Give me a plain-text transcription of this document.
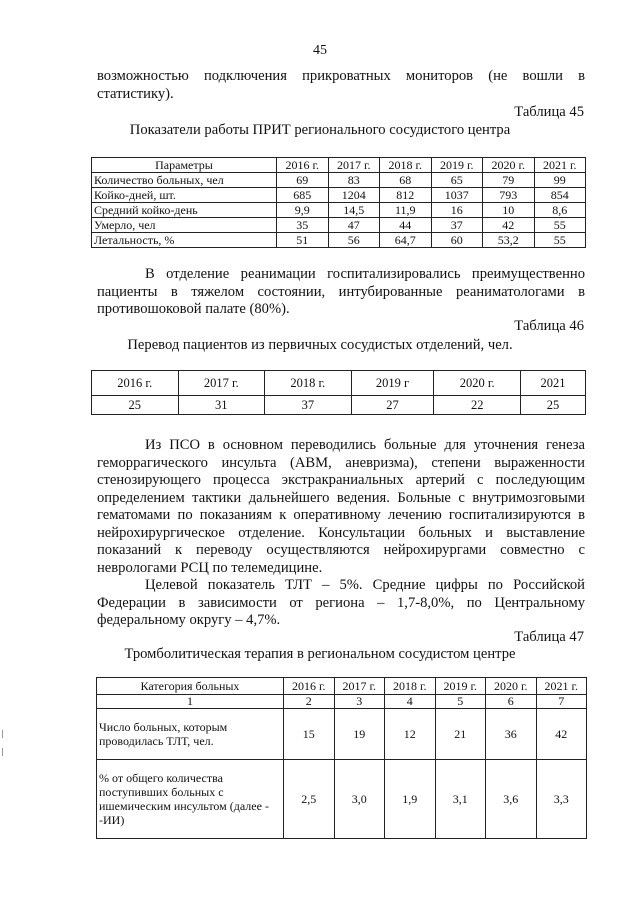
45

возможностью подключения прикроватных мониторов (не вошли в статистику).

Таблица 45
Показатели работы ПРИТ регионального сосудистого центра
Параметры	2016 г.	2017 г.	2018 г.	2019 г.	2020 г.	2021 г.
Количество больных, чел	69	83	68	65	79	99
Койко-дней, шт.	685	1204	812	1037	793	854
Средний койко-день	9,9	14,5	11,9	16	10	8,6
Умерло, чел	35	47	44	37	42	55
Летальность, %	51	56	64,7	60	53,2	55

В отделение реанимации госпитализировались преимущественно пациенты в тяжелом состоянии, интубированные реаниматологами в противошоковой палате (80%).

Таблица 46
Перевод пациентов из первичных сосудистых отделений, чел.
2016 г.	2017 г.	2018 г.	2019 г	2020 г.	2021
25	31	37	27	22	25

Из ПСО в основном переводились больные для уточнения генеза геморрагического инсульта (АВМ, аневризма), степени выраженности стенозирующего процесса экстракраниальных артерий с последующим определением тактики дальнейшего ведения. Больные с внутримозговыми гематомами по показаниям к оперативному лечению госпитализируются в нейрохирургическое отделение. Консультации больных и выставление показаний к переводу осуществляются нейрохирургами совместно с неврологами РСЦ по телемедицине.

Целевой показатель ТЛТ – 5%. Средние цифры по Российской Федерации в зависимости от региона – 1,7-8,0%, по Центральному федеральному округу – 4,7%.

Таблица 47
Тромболитическая терапия в региональном сосудистом центре
Категория больных	2016 г.	2017 г.	2018 г.	2019 г.	2020 г.	2021 г.
1	2	3	4	5	6	7
Число больных, которым проводилась ТЛТ, чел.	15	19	12	21	36	42
% от общего количества поступивших больных с ишемическим инсультом (далее - -ИИ)	2,5	3,0	1,9	3,1	3,6	3,3
